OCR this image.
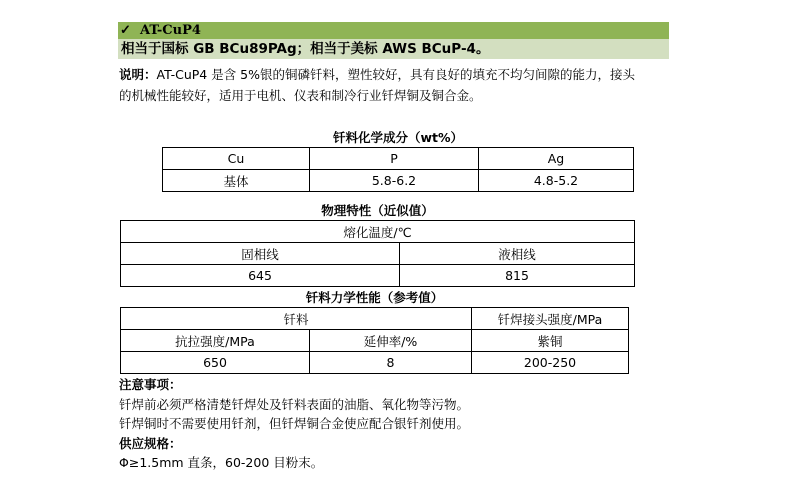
✓ AT-CuP4
相当于国标 GB BCu89PAg；相当于美标 AWS BCuP-4。
说明：AT-CuP4 是含 5%银的铜磷钎料，塑性较好，具有良好的填充不均匀间隙的能力，接头
的机械性能较好，适用于电机、仪表和制冷行业钎焊铜及铜合金。
钎料化学成分（wt%）		
Cu	P	Ag
基体	5.8-6.2	4.8-5.2
物理特性（近似值）	
熔化温度/℃	
固相线	液相线
645	815
钎料力学性能（参考值）		
钎料		钎焊接头强度/MPa
抗拉强度/MPa	延伸率/%	紫铜
650	8	200-250
注意事项：
钎焊前必须严格清楚钎焊处及钎料表面的油脂、氧化物等污物。
钎焊铜时不需要使用钎剂，但钎焊铜合金使应配合银钎剂使用。
供应规格：
Φ≥1.5mm 直条，60-200 目粉末。
